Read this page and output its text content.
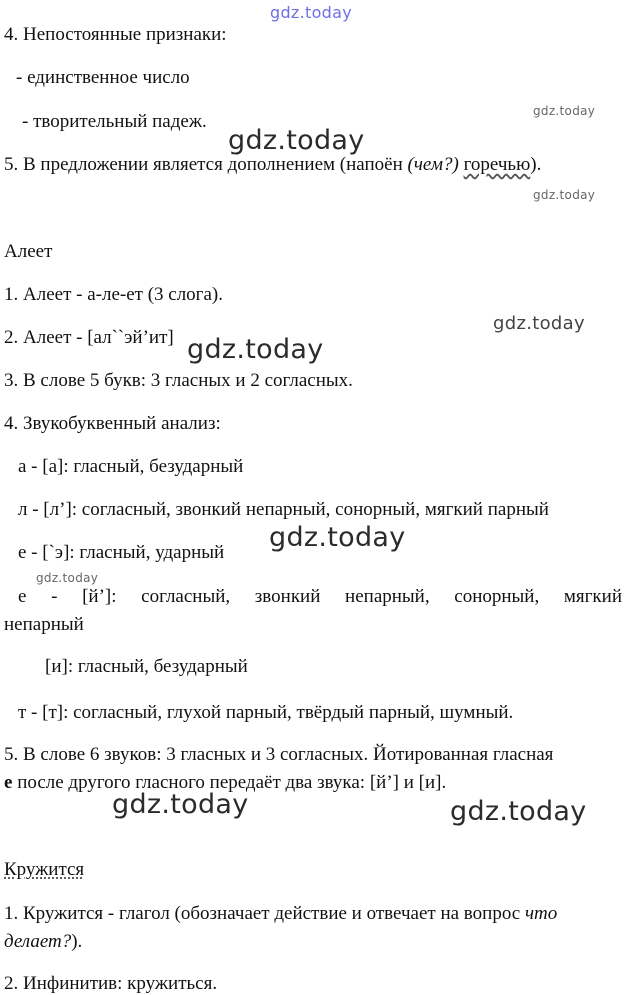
gdz.today
gdz.today
gdz.today
gdz.today
gdz.today
gdz.today
gdz.today
gdz.today
gdz.today	gdz.today
4. Непостоянные признаки:
- единственное число
- творительный падеж.
5. В предложении является дополнением (напоён (чем?) горечью).
Алеет
1. Алеет - а-ле-ет (3 слога).
2. Алеет - [ал``эй’ит]
3. В слове 5 букв: 3 гласных и 2 согласных.
4. Звукобуквенный анализ:
а - [а]: гласный, безударный
л - [л’]: согласный, звонкий непарный, сонорный, мягкий парный
е - [`э]: гласный, ударный
е - [й’]: согласный, звонкий непарный, сонорный, мягкий
непарный
[и]: гласный, безударный
т - [т]: согласный, глухой парный, твёрдый парный, шумный.
5. В слове 6 звуков: 3 гласных и 3 согласных. Йотированная гласная
е после другого гласного передаёт два звука: [й’] и [и].
Кружится
1. Кружится - глагол (обозначает действие и отвечает на вопрос что
делает?).
2. Инфинитив: кружиться.
